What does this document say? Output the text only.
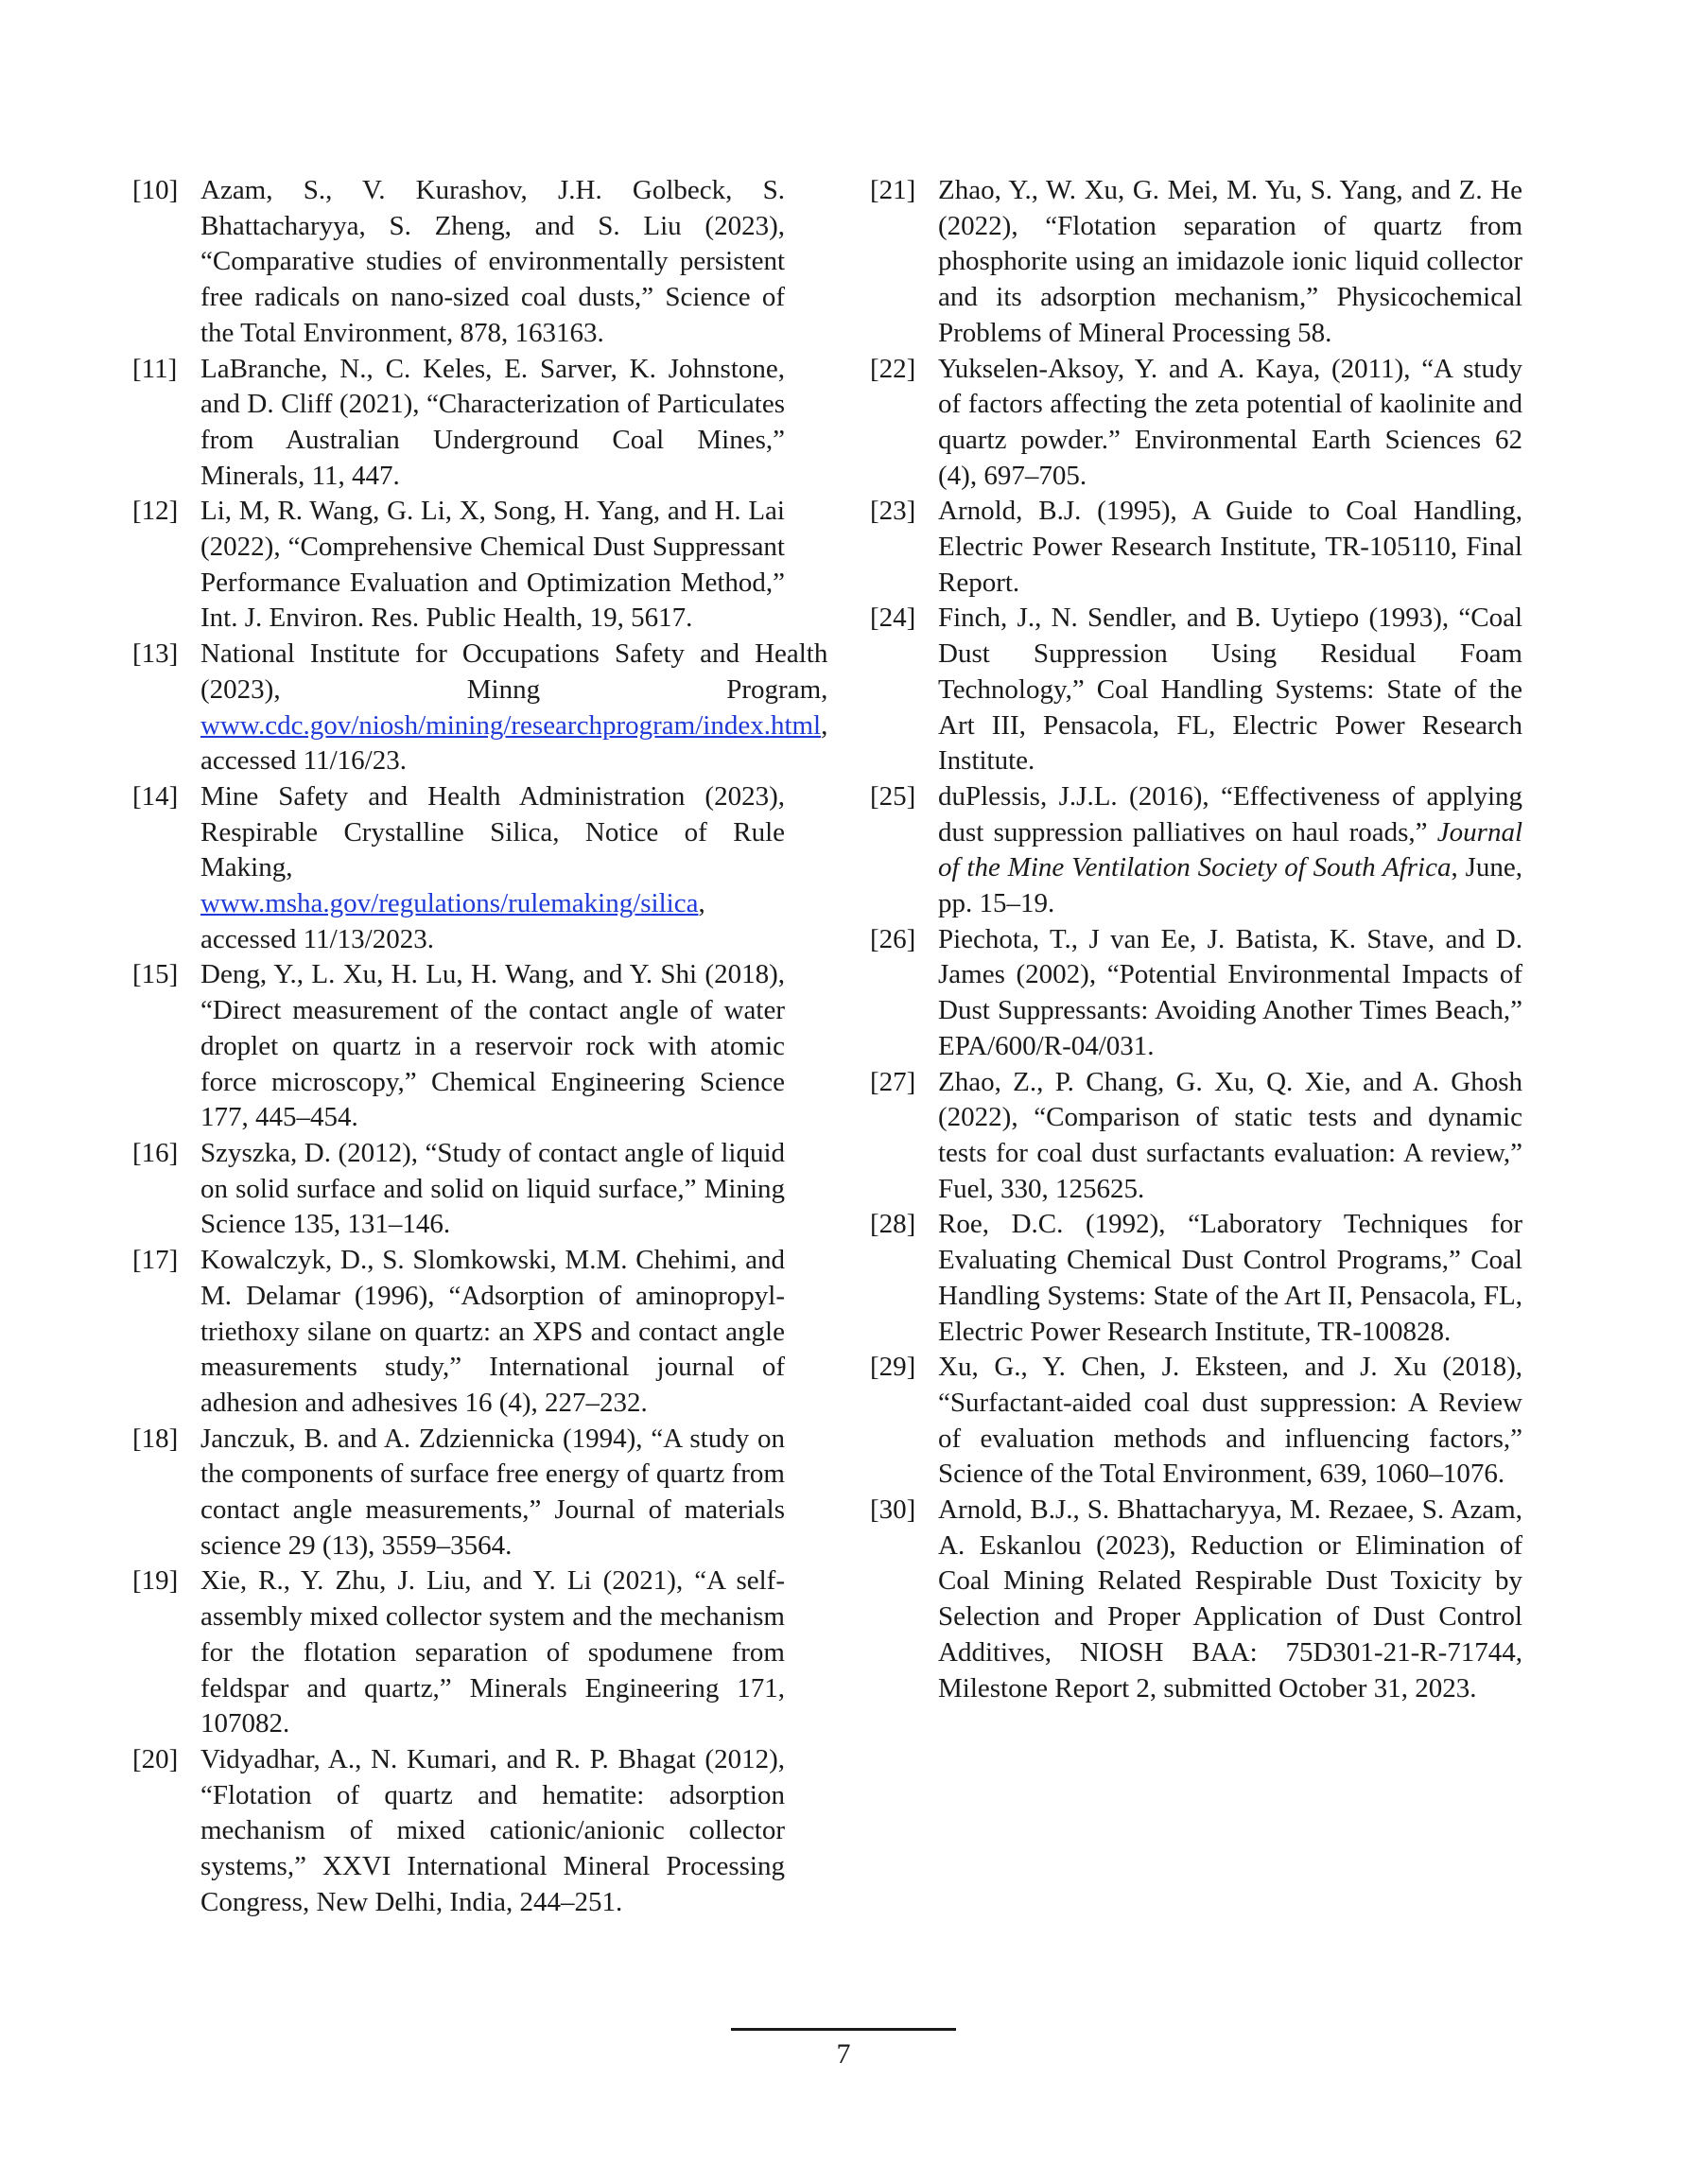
[10] Azam, S., V. Kurashov, J.H. Golbeck, S. Bhattacharyya, S. Zheng, and S. Liu (2023), “Comparative studies of environmentally persistent free radicals on nano-sized coal dusts,” Science of the Total Environment, 878, 163163.
[11] LaBranche, N., C. Keles, E. Sarver, K. Johnstone, and D. Cliff (2021), “Characterization of Particulates from Australian Underground Coal Mines,” Minerals, 11, 447.
[12] Li, M, R. Wang, G. Li, X, Song, H. Yang, and H. Lai (2022), “Comprehensive Chemical Dust Suppressant Performance Evaluation and Optimization Method,” Int. J. Environ. Res. Public Health, 19, 5617.
[13] National Institute for Occupations Safety and Health (2023), Minng Program, www.cdc.gov/niosh/mining/researchprogram/index.html, accessed 11/16/23.
[14] Mine Safety and Health Administration (2023), Respirable Crystalline Silica, Notice of Rule Making, www.msha.gov/regulations/rulemaking/silica, accessed 11/13/2023.
[15] Deng, Y., L. Xu, H. Lu, H. Wang, and Y. Shi (2018), “Direct measurement of the contact angle of water droplet on quartz in a reservoir rock with atomic force microscopy,” Chemical Engineering Science 177, 445–454.
[16] Szyszka, D. (2012), “Study of contact angle of liquid on solid surface and solid on liquid surface,” Mining Science 135, 131–146.
[17] Kowalczyk, D., S. Slomkowski, M.M. Chehimi, and M. Delamar (1996), “Adsorption of aminopropyl-triethoxy silane on quartz: an XPS and contact angle measurements study,” International journal of adhesion and adhesives 16 (4), 227–232.
[18] Janczuk, B. and A. Zdziennicka (1994), “A study on the components of surface free energy of quartz from contact angle measurements,” Journal of materials science 29 (13), 3559–3564.
[19] Xie, R., Y. Zhu, J. Liu, and Y. Li (2021), “A self-assembly mixed collector system and the mechanism for the flotation separation of spodumene from feldspar and quartz,” Minerals Engineering 171, 107082.
[20] Vidyadhar, A., N. Kumari, and R. P. Bhagat (2012), “Flotation of quartz and hematite: adsorption mechanism of mixed cationic/anionic collector systems,” XXVI International Mineral Processing Congress, New Delhi, India, 244–251.
[21] Zhao, Y., W. Xu, G. Mei, M. Yu, S. Yang, and Z. He (2022), “Flotation separation of quartz from phosphorite using an imidazole ionic liquid collector and its adsorption mechanism,” Physicochemical Problems of Mineral Processing 58.
[22] Yukselen-Aksoy, Y. and A. Kaya, (2011), “A study of factors affecting the zeta potential of kaolinite and quartz powder.” Environmental Earth Sciences 62 (4), 697–705.
[23] Arnold, B.J. (1995), A Guide to Coal Handling, Electric Power Research Institute, TR-105110, Final Report.
[24] Finch, J., N. Sendler, and B. Uytiepo (1993), “Coal Dust Suppression Using Residual Foam Technology,” Coal Handling Systems: State of the Art III, Pensacola, FL, Electric Power Research Institute.
[25] duPlessis, J.J.L. (2016), “Effectiveness of applying dust suppression palliatives on haul roads,” Journal of the Mine Ventilation Society of South Africa, June, pp. 15–19.
[26] Piechota, T., J van Ee, J. Batista, K. Stave, and D. James (2002), “Potential Environmental Impacts of Dust Suppressants: Avoiding Another Times Beach,” EPA/600/R-04/031.
[27] Zhao, Z., P. Chang, G. Xu, Q. Xie, and A. Ghosh (2022), “Comparison of static tests and dynamic tests for coal dust surfactants evaluation: A review,” Fuel, 330, 125625.
[28] Roe, D.C. (1992), “Laboratory Techniques for Evaluating Chemical Dust Control Programs,” Coal Handling Systems: State of the Art II, Pensacola, FL, Electric Power Research Institute, TR-100828.
[29] Xu, G., Y. Chen, J. Eksteen, and J. Xu (2018), “Surfactant-aided coal dust suppression: A Review of evaluation methods and influencing factors,” Science of the Total Environment, 639, 1060–1076.
[30] Arnold, B.J., S. Bhattacharyya, M. Rezaee, S. Azam, A. Eskanlou (2023), Reduction or Elimination of Coal Mining Related Respirable Dust Toxicity by Selection and Proper Application of Dust Control Additives, NIOSH BAA: 75D301-21-R-71744, Milestone Report 2, submitted October 31, 2023.
7
